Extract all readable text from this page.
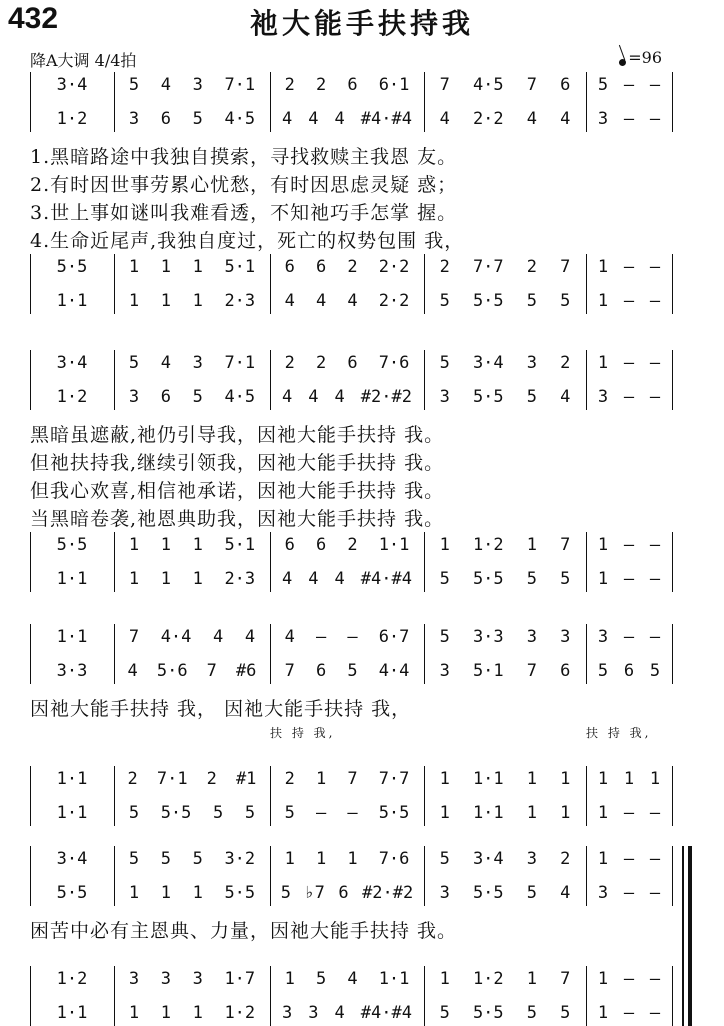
432	祂大能手扶持我
降A大调 4/4拍	=96
3·4 5 4 3 7·1 2 2 6 6·1 7 4·5 7 6 5 – –
1·2 3 6 5 4·5 4 4 4 #4·#4 4 2·2 4 4 3 – –
1.黑暗路途中我独自摸索，寻找救赎主我恩 友。
2.有时因世事劳累心忧愁，有时因思虑灵疑 惑；
3.世上事如谜叫我难看透，不知祂巧手怎掌 握。
4.生命近尾声,我独自度过，死亡的权势包围 我，
5·5 1 1 1 5·1 6 6 2 2·2 2 7·7 2 7 1 – –
1·1 1 1 1 2·3 4 4 4 2·2 5 5·5 5 5 1 – –
3·4 5 4 3 7·1 2 2 6 7·6 5 3·4 3 2 1 – –
1·2 3 6 5 4·5 4 4 4 #2·#2 3 5·5 5 4 3 – –
黑暗虽遮蔽,祂仍引导我，因祂大能手扶持 我。
但祂扶持我,继续引领我，因祂大能手扶持 我。
但我心欢喜,相信祂承诺，因祂大能手扶持 我。
当黑暗卷袭,祂恩典助我，因祂大能手扶持 我。
5·5 1 1 1 5·1 6 6 2 1·1 1 1·2 1 7 1 – –
1·1 1 1 1 2·3 4 4 4 #4·#4 5 5·5 5 5 1 – –
1·1 7 4·4 4 4 4 – – 6·7 5 3·3 3 3 3 – –
3·3 4 5·6 7 #6 7 6 5 4·4 3 5·1 7 6 5 6 5
因祂大能手扶持 我， 因祂大能手扶持 我，
扶 持 我,	扶 持 我,
1·1 2 7·1 2 #1 2 1 7 7·7 1 1·1 1 1 1 1 1
1·1 5 5·5 5 5 5 – – 5·5 1 1·1 1 1 1 – –
3·4 5 5 5 3·2 1 1 1 7·6 5 3·4 3 2 1 – –
5·5 1 1 1 5·5 5 ♭7 6 #2·#2 3 5·5 5 4 3 – –
困苦中必有主恩典、力量，因祂大能手扶持 我。
1·2 3 3 3 1·7 1 5 4 1·1 1 1·2 1 7 1 – –
1·1 1 1 1 1·2 3 3 4 #4·#4 5 5·5 5 5 1 – –
